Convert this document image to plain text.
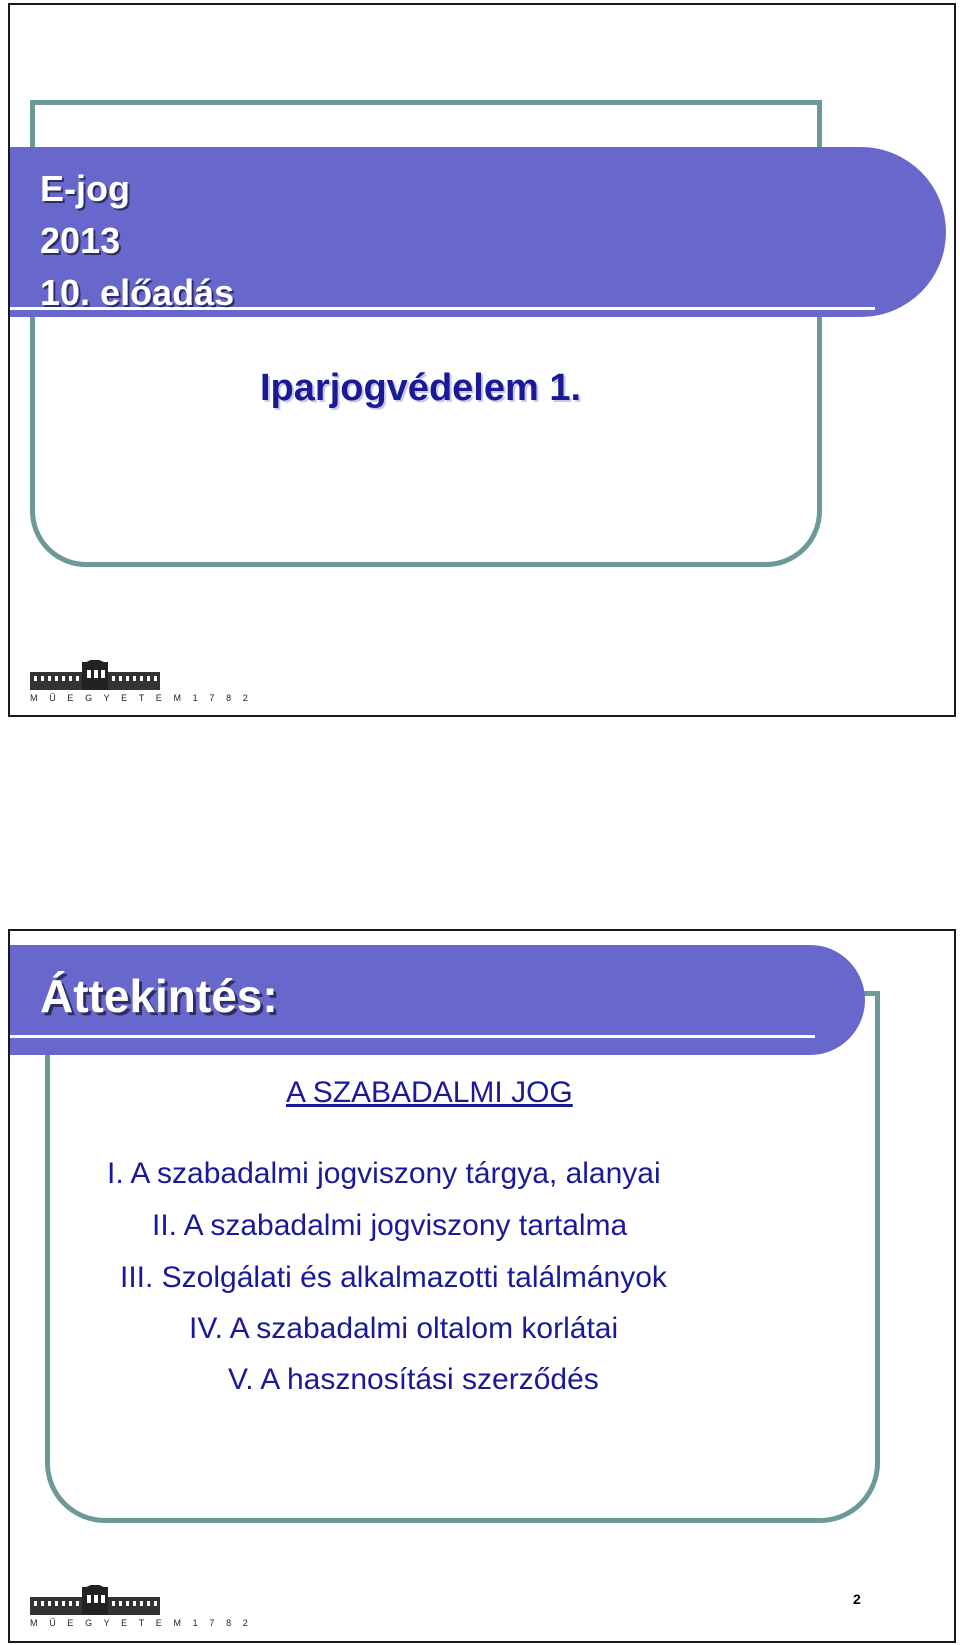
E-jog
2013
10. előadás
Iparjogvédelem 1.
M Ű E G Y E T E M 1 7 8 2
Áttekintés:
A SZABADALMI JOG
I. A szabadalmi jogviszony tárgya, alanyai
II. A szabadalmi jogviszony tartalma
III. Szolgálati és alkalmazotti találmányok
IV. A szabadalmi oltalom korlátai
V. A hasznosítási szerződés
M Ű E G Y E T E M 1 7 8 2
2
